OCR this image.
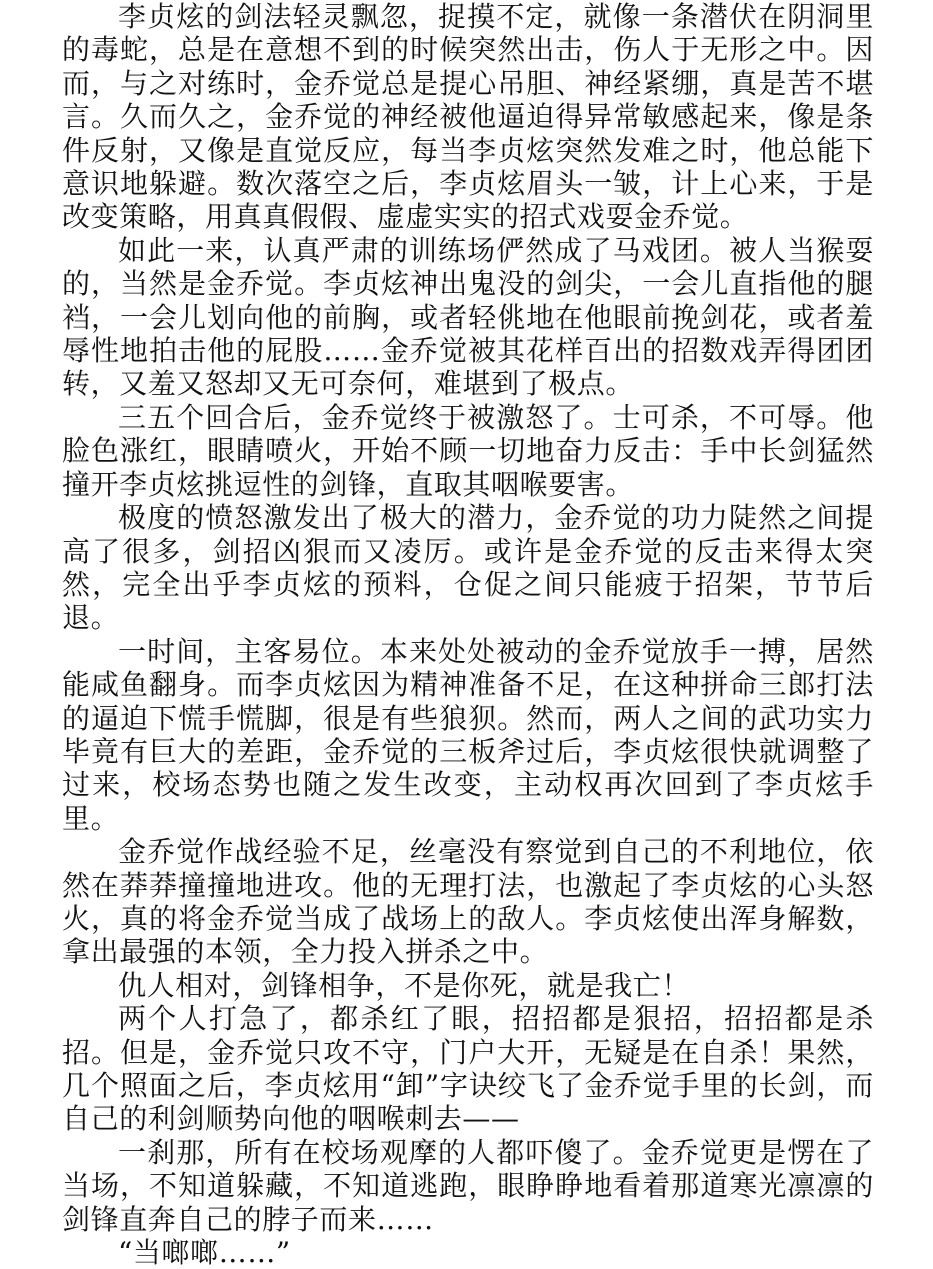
李贞炫的剑法轻灵飘忽，捉摸不定，就像一条潜伏在阴洞里的毒蛇，总是在意想不到的时候突然出击，伤人于无形之中。因而，与之对练时，金乔觉总是提心吊胆、神经紧绷，真是苦不堪言。久而久之，金乔觉的神经被他逼迫得异常敏感起来，像是条件反射，又像是直觉反应，每当李贞炫突然发难之时，他总能下意识地躲避。数次落空之后，李贞炫眉头一皱，计上心来，于是改变策略，用真真假假、虚虚实实的招式戏耍金乔觉。

如此一来，认真严肃的训练场俨然成了马戏团。被人当猴耍的，当然是金乔觉。李贞炫神出鬼没的剑尖，一会儿直指他的腿裆，一会儿划向他的前胸，或者轻佻地在他眼前挽剑花，或者羞辱性地拍击他的屁股……金乔觉被其花样百出的招数戏弄得团团转，又羞又怒却又无可奈何，难堪到了极点。

三五个回合后，金乔觉终于被激怒了。士可杀，不可辱。他脸色涨红，眼睛喷火，开始不顾一切地奋力反击：手中长剑猛然撞开李贞炫挑逗性的剑锋，直取其咽喉要害。

极度的愤怒激发出了极大的潜力，金乔觉的功力陡然之间提高了很多，剑招凶狠而又凌厉。或许是金乔觉的反击来得太突然，完全出乎李贞炫的预料，仓促之间只能疲于招架，节节后退。

一时间，主客易位。本来处处被动的金乔觉放手一搏，居然能咸鱼翻身。而李贞炫因为精神准备不足，在这种拼命三郎打法的逼迫下慌手慌脚，很是有些狼狈。然而，两人之间的武功实力毕竟有巨大的差距，金乔觉的三板斧过后，李贞炫很快就调整了过来，校场态势也随之发生改变，主动权再次回到了李贞炫手里。

金乔觉作战经验不足，丝毫没有察觉到自己的不利地位，依然在莽莽撞撞地进攻。他的无理打法，也激起了李贞炫的心头怒火，真的将金乔觉当成了战场上的敌人。李贞炫使出浑身解数，拿出最强的本领，全力投入拼杀之中。

仇人相对，剑锋相争，不是你死，就是我亡！

两个人打急了，都杀红了眼，招招都是狠招，招招都是杀招。但是，金乔觉只攻不守，门户大开，无疑是在自杀！果然，几个照面之后，李贞炫用“卸”字诀绞飞了金乔觉手里的长剑，而自己的利剑顺势向他的咽喉刺去——

一刹那，所有在校场观摩的人都吓傻了。金乔觉更是愣在了当场，不知道躲藏，不知道逃跑，眼睁睁地看着那道寒光凛凛的剑锋直奔自己的脖子而来……

“当啷啷……”
